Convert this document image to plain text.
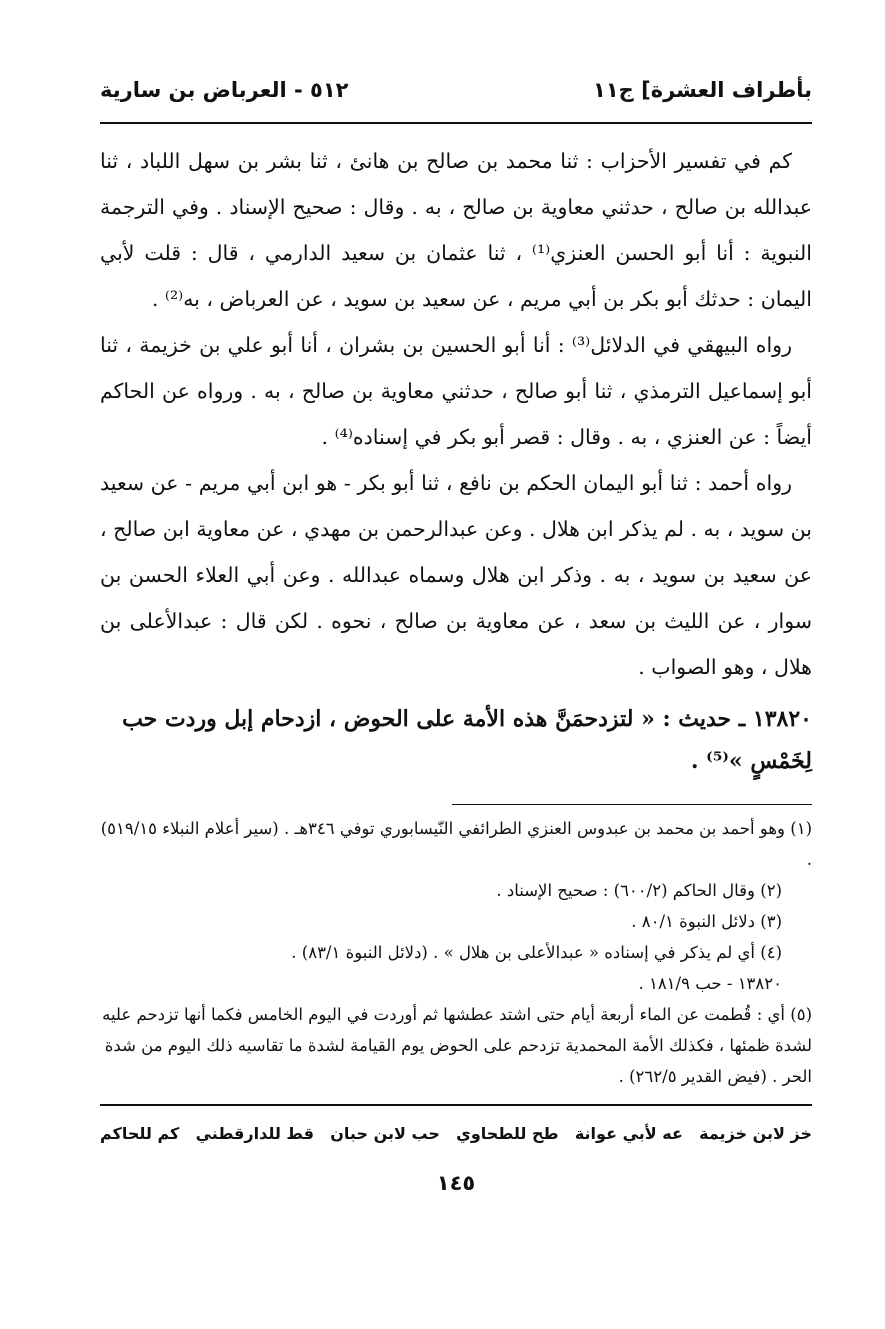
بأطراف العشرة] ج١١
٥١٢ - العرباض بن سارية

كم في تفسير الأحزاب : ثنا محمد بن صالح بن هانئ ، ثنا بشر بن سهل اللباد ، ثنا عبدالله بن صالح ، حدثني معاوية بن صالح ، به . وقال : صحيح الإسناد . وفي الترجمة النبوية : أنا أبو الحسن العنزي⁽¹⁾ ، ثنا عثمان بن سعيد الدارمي ، قال : قلت لأبي اليمان : حدثك أبو بكر بن أبي مريم ، عن سعيد بن سويد ، عن العرباض ، به⁽²⁾ .

رواه البيهقي في الدلائل⁽³⁾ : أنا أبو الحسين بن بشران ، أنا أبو علي بن خزيمة ، ثنا أبو إسماعيل الترمذي ، ثنا أبو صالح ، حدثني معاوية بن صالح ، به . ورواه عن الحاكم أيضاً : عن العنزي ، به . وقال : قصر أبو بكر في إسناده⁽⁴⁾ .

رواه أحمد : ثنا أبو اليمان الحكم بن نافع ، ثنا أبو بكر - هو ابن أبي مريم - عن سعيد بن سويد ، به . لم يذكر ابن هلال . وعن عبدالرحمن بن مهدي ، عن معاوية ابن صالح ، عن سعيد بن سويد ، به . وذكر ابن هلال وسماه عبدالله . وعن أبي العلاء الحسن بن سوار ، عن الليث بن سعد ، عن معاوية بن صالح ، نحوه . لكن قال : عبدالأعلى بن هلال ، وهو الصواب .

١٣٨٢٠ ـ حديث : « لتزدحمَنَّ هذه الأمة على الحوض ، ازدحام إبل وردت حب لِخَمْسٍ »⁽⁵⁾ .

(١) وهو أحمد بن محمد بن عبدوس العنزي الطرائفي النّيسابوري توفي ٣٤٦هـ . (سير أعلام النبلاء ٥١٩/١٥) .

(٢) وقال الحاكم (٦٠٠/٢) : صحيح الإسناد .

(٣) دلائل النبوة ٨٠/١ .

(٤) أي لم يذكر في إسناده « عبدالأعلى بن هلال » . (دلائل النبوة ٨٣/١) .

١٣٨٢٠ - حب ١٨١/٩ .

(٥) أي : قُطمت عن الماء أربعة أيام حتى اشتد عطشها ثم أوردت في اليوم الخامس فكما أنها تزدحم عليه لشدة ظمئها ، فكذلك الأمة المحمدية تزدحم على الحوض يوم القيامة لشدة ما تقاسيه ذلك اليوم من شدة الحر . (فيض القدير ٢٦٢/٥) .

خز لابن خزيمة
عه لأبي عوانة
طح للطحاوي
حب لابن حبان
قط للدارقطني
كم للحاكم
١٤٥
